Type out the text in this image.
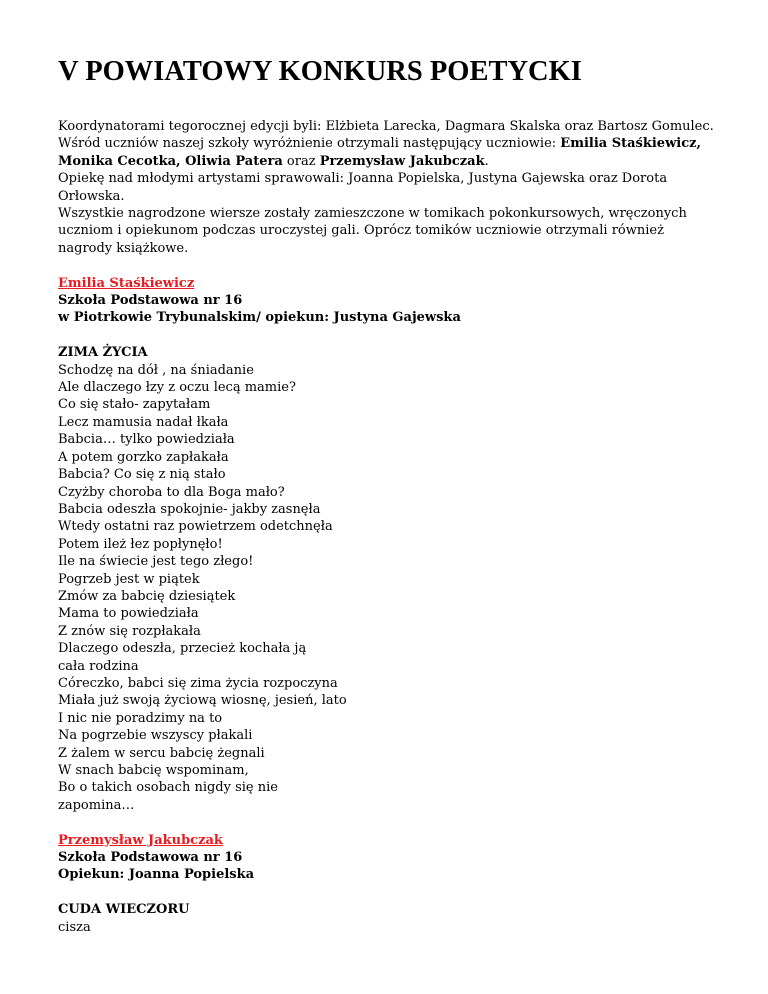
V POWIATOWY KONKURS POETYCKI

Koordynatorami tegorocznej edycji byli: Elżbieta Larecka, Dagmara Skalska oraz Bartosz Gomulec.

Wśród uczniów naszej szkoły wyróżnienie otrzymali następujący uczniowie: Emilia Staśkiewicz, Monika Cecotka, Oliwia Patera oraz Przemysław Jakubczak.

Opiekę nad młodymi artystami sprawowali: Joanna Popielska, Justyna Gajewska oraz Dorota Orłowska.

Wszystkie nagrodzone wiersze zostały zamieszczone w tomikach pokonkursowych, wręczonych uczniom i opiekunom podczas uroczystej gali. Oprócz tomików uczniowie otrzymali również nagrody książkowe.

Emilia Staśkiewicz
Szkoła Podstawowa nr 16
w Piotrkowie Trybunalskim/ opiekun: Justyna Gajewska
ZIMA ŻYCIA
Schodzę na dół , na śniadanie
Ale dlaczego łzy z oczu lecą mamie?
Co się stało- zapytałam
Lecz mamusia nadał łkała
Babcia… tylko powiedziała
A potem gorzko zapłakała
Babcia? Co się z nią stało
Czyżby choroba to dla Boga mało?
Babcia odeszła spokojnie- jakby zasnęła
Wtedy ostatni raz powietrzem odetchnęła
Potem ileż łez popłynęło!
Ile na świecie jest tego złego!
Pogrzeb jest w piątek
Zmów za babcię dziesiątek
Mama to powiedziała
Z znów się rozpłakała
Dlaczego odeszła, przecież kochała ją
cała rodzina
Córeczko, babci się zima życia rozpoczyna
Miała już swoją życiową wiosnę, jesień, lato
I nic nie poradzimy na to
Na pogrzebie wszyscy płakali
Z żalem w sercu babcię żegnali
W snach babcię wspominam,
Bo o takich osobach nigdy się nie
zapomina…
Przemysław Jakubczak
Szkoła Podstawowa nr 16
Opiekun: Joanna Popielska
CUDA WIECZORU
cisza
